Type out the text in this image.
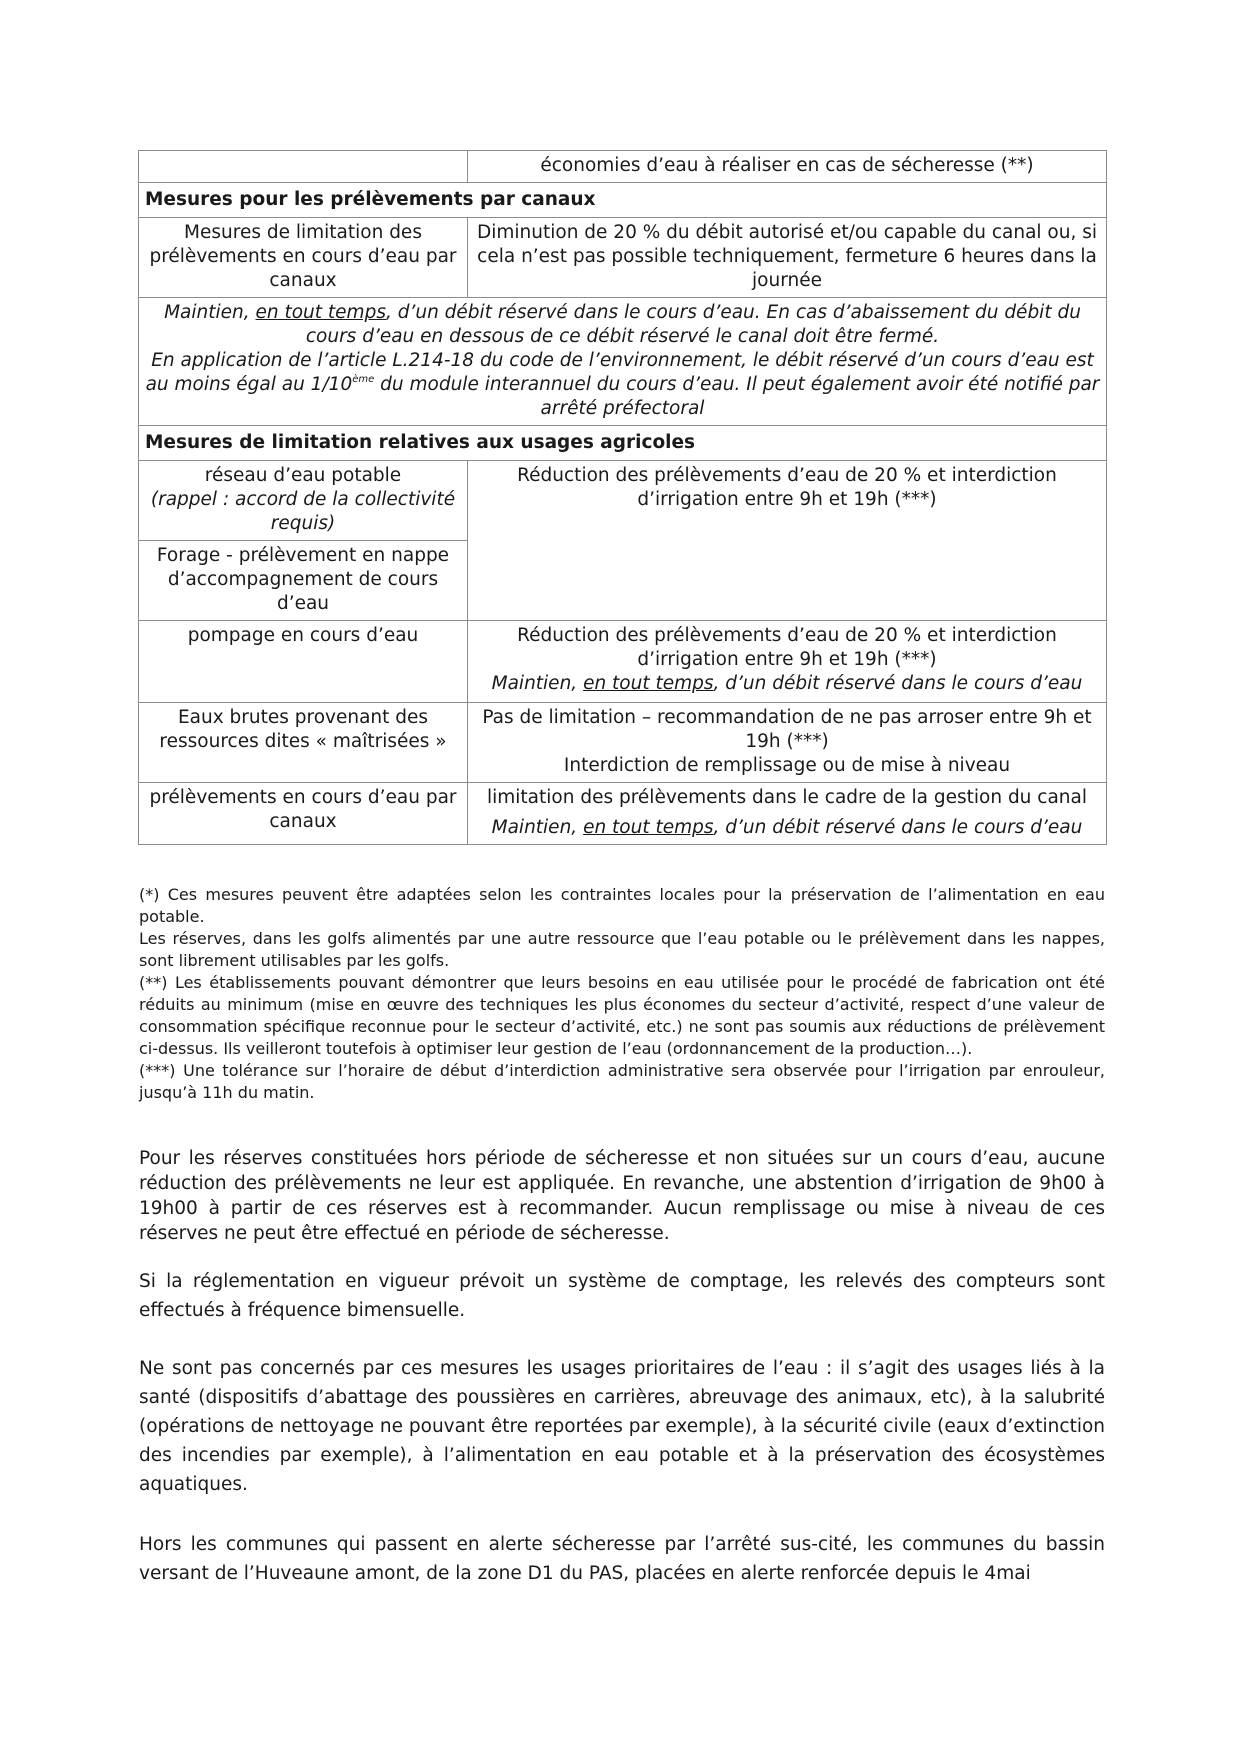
	économies d’eau à réaliser en cas de sécheresse (**)
Mesures pour les prélèvements par canaux	
Mesures de limitation des prélèvements en cours d’eau par canaux	Diminution de 20 % du débit autorisé et/ou capable du canal ou, si cela n’est pas possible techniquement, fermeture 6 heures dans la journée
Maintien, en tout temps, d’un débit réservé dans le cours d’eau. En cas d’abaissement du débit du cours d’eau en dessous de ce débit réservé le canal doit être fermé.
En application de l’article L.214-18 du code de l’environnement, le débit réservé d’un cours d’eau est au moins égal au 1/10ème du module interannuel du cours d’eau. Il peut également avoir été notifié par arrêté préfectoral	
Mesures de limitation relatives aux usages agricoles	
réseau d’eau potable
(rappel : accord de la collectivité requis)	Réduction des prélèvements d’eau de 20 % et interdiction d’irrigation entre 9h et 19h (***)
Forage - prélèvement en nappe d’accompagnement de cours d’eau	
pompage en cours d’eau	Réduction des prélèvements d’eau de 20 % et interdiction d’irrigation entre 9h et 19h (***)
Maintien, en tout temps, d’un débit réservé dans le cours d’eau
Eaux brutes provenant des ressources dites « maîtrisées »	Pas de limitation – recommandation de ne pas arroser entre 9h et 19h (***)
Interdiction de remplissage ou de mise à niveau
prélèvements en cours d’eau par canaux	limitation des prélèvements dans le cadre de la gestion du canal
Maintien, en tout temps, d’un débit réservé dans le cours d’eau

(*) Ces mesures peuvent être adaptées selon les contraintes locales pour la préservation de l’alimentation en eau potable.

Les réserves, dans les golfs alimentés par une autre ressource que l’eau potable ou le prélèvement dans les nappes, sont librement utilisables par les golfs.

(**) Les établissements pouvant démontrer que leurs besoins en eau utilisée pour le procédé de fabrication ont été réduits au minimum (mise en œuvre des techniques les plus économes du secteur d’activité, respect d’une valeur de consommation spécifique reconnue pour le secteur d’activité, etc.) ne sont pas soumis aux réductions de prélèvement ci-dessus. Ils veilleront toutefois à optimiser leur gestion de l’eau (ordonnancement de la production…).

(***) Une tolérance sur l’horaire de début d’interdiction administrative sera observée pour l’irrigation par enrouleur, jusqu’à 11h du matin.

Pour les réserves constituées hors période de sécheresse et non situées sur un cours d’eau, aucune réduction des prélèvements ne leur est appliquée. En revanche, une abstention d’irrigation de 9h00 à 19h00 à partir de ces réserves est à recommander. Aucun remplissage ou mise à niveau de ces réserves ne peut être effectué en période de sécheresse.

Si la réglementation en vigueur prévoit un système de comptage, les relevés des compteurs sont effectués à fréquence bimensuelle.

Ne sont pas concernés par ces mesures les usages prioritaires de l’eau : il s’agit des usages liés à la santé (dispositifs d’abattage des poussières en carrières, abreuvage des animaux, etc), à la salubrité (opérations de nettoyage ne pouvant être reportées par exemple), à la sécurité civile (eaux d’extinction des incendies par exemple), à l’alimentation en eau potable et à la préservation des écosystèmes aquatiques.

Hors les communes qui passent en alerte sécheresse par l’arrêté sus-cité, les communes du bassin versant de l’Huveaune amont, de la zone D1 du PAS, placées en alerte renforcée depuis le 4mai
